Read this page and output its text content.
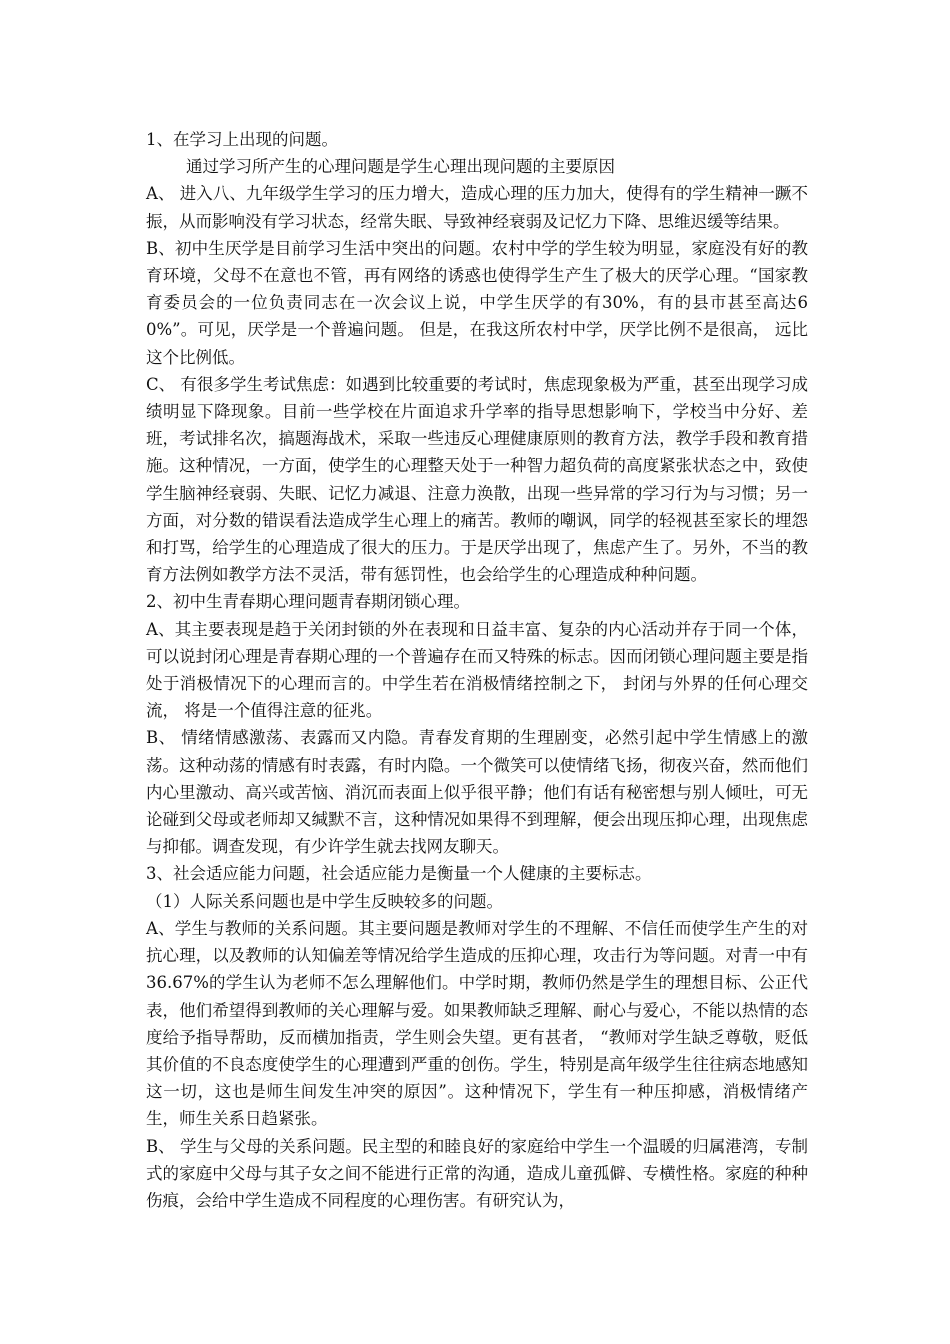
1、在学习上出现的问题。

通过学习所产生的心理问题是学生心理出现问题的主要原因

A、 进入八、九年级学生学习的压力增大，造成心理的压力加大，使得有的学生精神一蹶不振，从而影响没有学习状态，经常失眠、导致神经衰弱及记忆力下降、思维迟缓等结果。

B、初中生厌学是目前学习生活中突出的问题。农村中学的学生较为明显，家庭没有好的教育环境，父母不在意也不管，再有网络的诱惑也使得学生产生了极大的厌学心理。“国家教育委员会的一位负责同志在一次会议上说，中学生厌学的有30%，有的县市甚至高达60%”。可见，厌学是一个普遍问题。 但是，在我这所农村中学，厌学比例不是很高， 远比这个比例低。

C、 有很多学生考试焦虑：如遇到比较重要的考试时，焦虑现象极为严重，甚至出现学习成绩明显下降现象。目前一些学校在片面追求升学率的指导思想影响下，学校当中分好、差班，考试排名次，搞题海战术，采取一些违反心理健康原则的教育方法，教学手段和教育措施。这种情况，一方面，使学生的心理整天处于一种智力超负荷的高度紧张状态之中，致使学生脑神经衰弱、失眠、记忆力减退、注意力涣散，出现一些异常的学习行为与习惯；另一方面，对分数的错误看法造成学生心理上的痛苦。教师的嘲讽，同学的轻视甚至家长的埋怨和打骂，给学生的心理造成了很大的压力。于是厌学出现了，焦虑产生了。另外，不当的教育方法例如教学方法不灵活，带有惩罚性，也会给学生的心理造成种种问题。

2、初中生青春期心理问题青春期闭锁心理。

A、其主要表现是趋于关闭封锁的外在表现和日益丰富、复杂的内心活动并存于同一个体，可以说封闭心理是青春期心理的一个普遍存在而又特殊的标志。因而闭锁心理问题主要是指处于消极情况下的心理而言的。中学生若在消极情绪控制之下， 封闭与外界的任何心理交流， 将是一个值得注意的征兆。

B、 情绪情感激荡、表露而又内隐。青春发育期的生理剧变，必然引起中学生情感上的激荡。这种动荡的情感有时表露，有时内隐。一个微笑可以使情绪飞扬，彻夜兴奋，然而他们内心里激动、高兴或苦恼、消沉而表面上似乎很平静；他们有话有秘密想与别人倾吐，可无论碰到父母或老师却又缄默不言，这种情况如果得不到理解，便会出现压抑心理，出现焦虑与抑郁。调查发现，有少许学生就去找网友聊天。

3、社会适应能力问题，社会适应能力是衡量一个人健康的主要标志。

（1）人际关系问题也是中学生反映较多的问题。

A、学生与教师的关系问题。其主要问题是教师对学生的不理解、不信任而使学生产生的对抗心理，以及教师的认知偏差等情况给学生造成的压抑心理，攻击行为等问题。对青一中有36.67%的学生认为老师不怎么理解他们。中学时期，教师仍然是学生的理想目标、公正代表，他们希望得到教师的关心理解与爱。如果教师缺乏理解、耐心与爱心，不能以热情的态度给予指导帮助，反而横加指责，学生则会失望。更有甚者， “教师对学生缺乏尊敬，贬低其价值的不良态度使学生的心理遭到严重的创伤。学生，特别是高年级学生往往病态地感知这一切，这也是师生间发生冲突的原因”。这种情况下，学生有一种压抑感，消极情绪产生，师生关系日趋紧张。

B、 学生与父母的关系问题。民主型的和睦良好的家庭给中学生一个温暖的归属港湾，专制式的家庭中父母与其子女之间不能进行正常的沟通，造成儿童孤僻、专横性格。家庭的种种伤痕，会给中学生造成不同程度的心理伤害。有研究认为，
